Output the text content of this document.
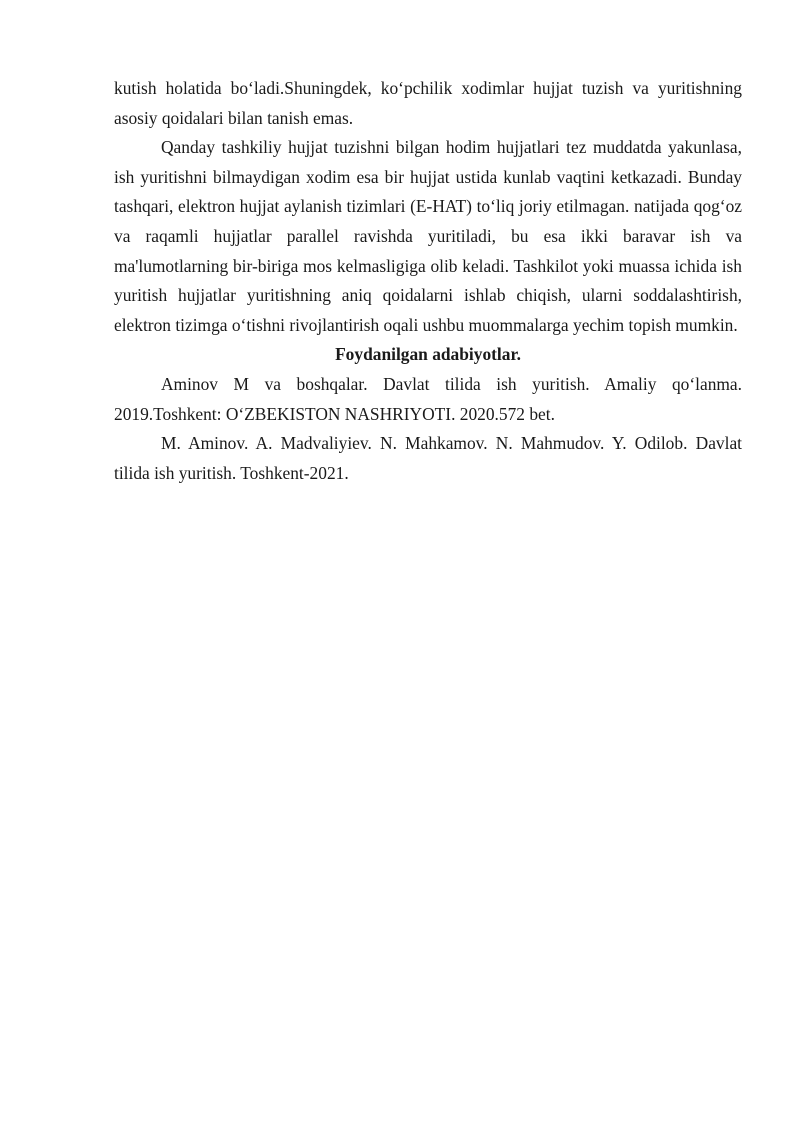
kutish holatida bo‘ladi.Shuningdek, ko‘pchilik xodimlar hujjat tuzish va yuritishning asosiy qoidalari bilan tanish emas.

Qanday tashkiliy hujjat tuzishni bilgan hodim hujjatlari tez muddatda yakunlasa, ish yuritishni bilmaydigan xodim esa bir hujjat ustida kunlab vaqtini ketkazadi. Bunday tashqari, elektron hujjat aylanish tizimlari (E-HAT) to‘liq joriy etilmagan. natijada qog‘oz va raqamli hujjatlar parallel ravishda yuritiladi, bu esa ikki baravar ish va ma'lumotlarning bir-biriga mos kelmasligiga olib keladi. Tashkilot yoki muassa ichida ish yuritish hujjatlar yuritishning aniq qoidalarni ishlab chiqish, ularni soddalashtirish, elektron tizimga o‘tishni rivojlantirish oqali ushbu muommalarga yechim topish mumkin.

Foydanilgan adabiyotlar.

Aminov M va boshqalar. Davlat tilida ish yuritish. Amaliy qo‘lanma. 2019.Toshkent: O‘ZBEKISTON NASHRIYOTI. 2020.572 bet.

M. Aminov. A. Madvaliyiev. N. Mahkamov. N. Mahmudov. Y. Odilob. Davlat tilida ish yuritish. Toshkent-2021.
